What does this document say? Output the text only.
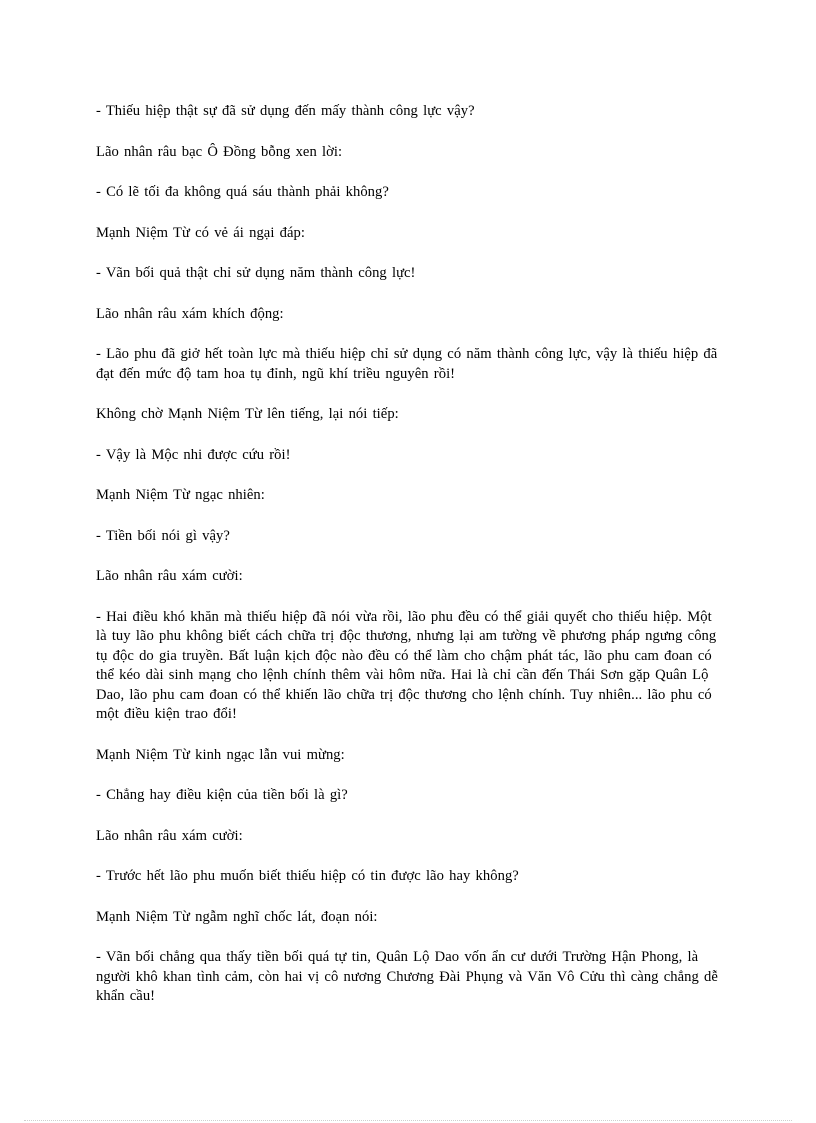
- Thiếu hiệp thật sự đã sử dụng đến mấy thành công lực vậy?

Lão nhân râu bạc Ô Đồng bỗng xen lời:

- Có lẽ tối đa không quá sáu thành phải không?

Mạnh Niệm Từ có vẻ ái ngại đáp:

- Vãn bối quả thật chỉ sử dụng năm thành công lực!

Lão nhân râu xám khích động:

- Lão phu đã giở hết toàn lực mà thiếu hiệp chỉ sử dụng có năm thành công lực, vậy là thiếu hiệp đã đạt đến mức độ tam hoa tụ đỉnh, ngũ khí triều nguyên rồi!

Không chờ Mạnh Niệm Từ lên tiếng, lại nói tiếp:

- Vậy là Mộc nhi được cứu rồi!

Mạnh Niệm Từ ngạc nhiên:

- Tiền bối nói gì vậy?

Lão nhân râu xám cười:

- Hai điều khó khăn mà thiếu hiệp đã nói vừa rồi, lão phu đều có thể giải quyết cho thiếu hiệp. Một là tuy lão phu không biết cách chữa trị độc thương, nhưng lại am tường về phương pháp ngưng công tụ độc do gia truyền. Bất luận kịch độc nào đều có thể làm cho chậm phát tác, lão phu cam đoan có thể kéo dài sinh mạng cho lệnh chính thêm vài hôm nữa. Hai là chỉ cần đến Thái Sơn gặp Quân Lộ Dao, lão phu cam đoan có thể khiến lão chữa trị độc thương cho lệnh chính. Tuy nhiên... lão phu có một điều kiện trao đổi!

Mạnh Niệm Từ kinh ngạc lẫn vui mừng:

- Chẳng hay điều kiện của tiền bối là gì?

Lão nhân râu xám cười:

- Trước hết lão phu muốn biết thiếu hiệp có tin được lão hay không?

Mạnh Niệm Từ ngẫm nghĩ chốc lát, đoạn nói:

- Vãn bối chẳng qua thấy tiền bối quá tự tin, Quân Lộ Dao vốn ẩn cư dưới Trường Hận Phong, là người khô khan tình cảm, còn hai vị cô nương Chương Đài Phụng và Văn Vô Cửu thì càng chẳng dễ khẩn cầu!
